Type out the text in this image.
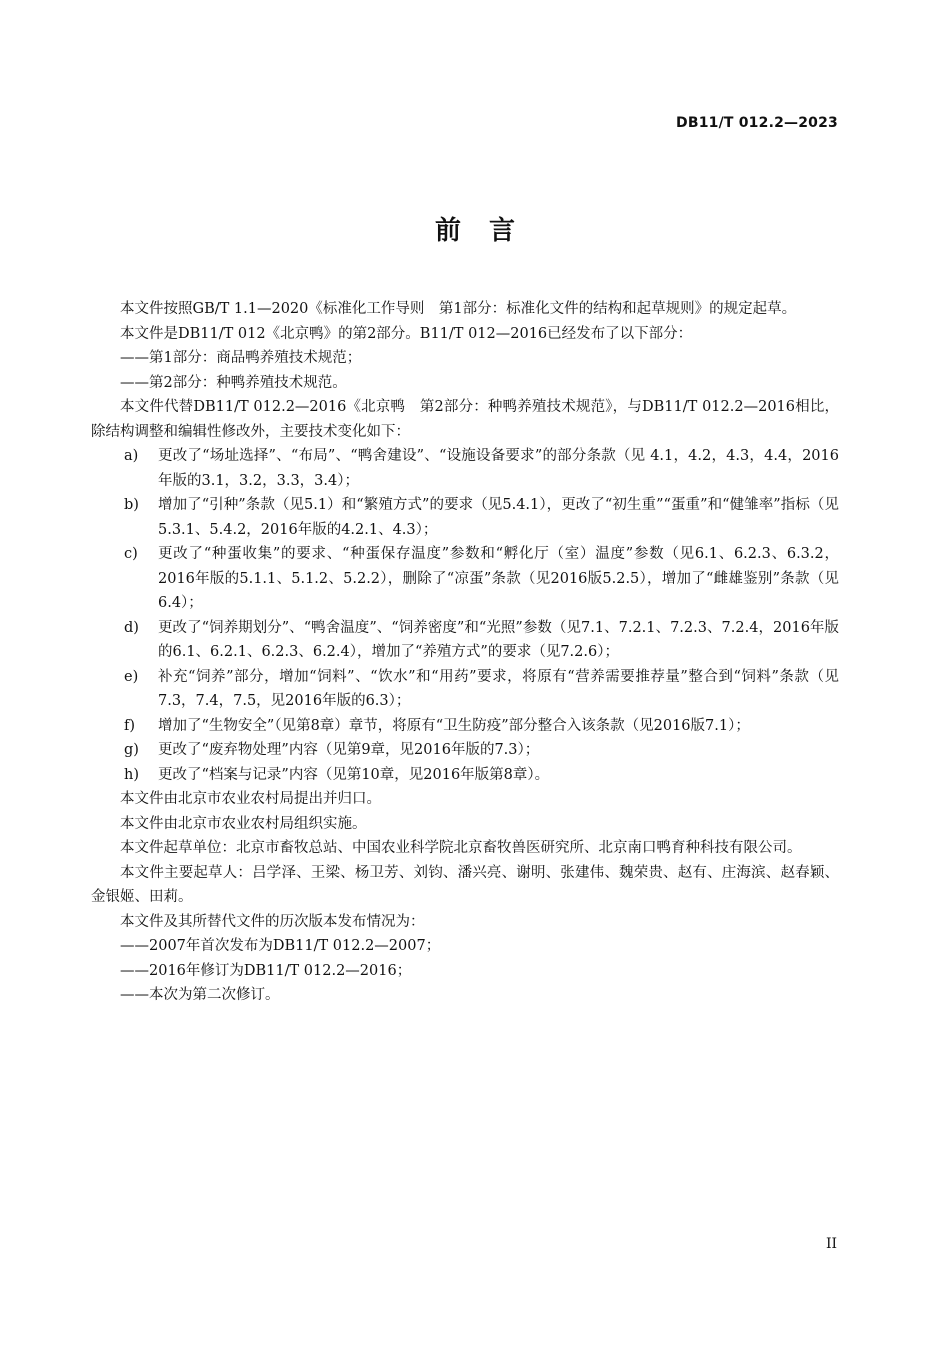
DB11/T 012.2—2023
前言

本文件按照GB/T 1.1—2020《标准化工作导则　第1部分：标准化文件的结构和起草规则》的规定起草。

本文件是DB11/T 012《北京鸭》的第2部分。B11/T 012—2016已经发布了以下部分：

——第1部分：商品鸭养殖技术规范；

——第2部分：种鸭养殖技术规范。

本文件代替DB11/T 012.2—2016《北京鸭　第2部分：种鸭养殖技术规范》，与DB11/T 012.2—2016相比，除结构调整和编辑性修改外，主要技术变化如下：

a) 更改了“场址选择”、“布局”、“鸭舍建设”、“设施设备要求”的部分条款（见 4.1，4.2，4.3，4.4，2016年版的3.1，3.2，3.3，3.4）；
b) 增加了“引种”条款（见5.1）和“繁殖方式”的要求（见5.4.1），更改了“初生重”“蛋重”和“健雏率”指标（见5.3.1、5.4.2，2016年版的4.2.1、4.3）；
c) 更改了“种蛋收集”的要求、“种蛋保存温度”参数和“孵化厅（室）温度”参数（见6.1、6.2.3、6.3.2，2016年版的5.1.1、5.1.2、5.2.2），删除了“凉蛋”条款（见2016版5.2.5），增加了“雌雄鉴别”条款（见6.4）；
d) 更改了“饲养期划分”、“鸭舍温度”、“饲养密度”和“光照”参数（见7.1、7.2.1、7.2.3、7.2.4，2016年版的6.1、6.2.1、6.2.3、6.2.4），增加了“养殖方式”的要求（见7.2.6）；
e) 补充“饲养”部分，增加“饲料”、“饮水”和“用药”要求，将原有“营养需要推荐量”整合到“饲料”条款（见7.3，7.4，7.5，见2016年版的6.3）；
f) 增加了“生物安全”（见第8章）章节，将原有“卫生防疫”部分整合入该条款（见2016版7.1）；
g) 更改了“废弃物处理”内容（见第9章，见2016年版的7.3）；
h) 更改了“档案与记录”内容（见第10章，见2016年版第8章）。

本文件由北京市农业农村局提出并归口。

本文件由北京市农业农村局组织实施。

本文件起草单位：北京市畜牧总站、中国农业科学院北京畜牧兽医研究所、北京南口鸭育种科技有限公司。

本文件主要起草人：吕学泽、王梁、杨卫芳、刘钧、潘兴亮、谢明、张建伟、魏荣贵、赵有、庄海滨、赵春颖、金银姬、田莉。

本文件及其所替代文件的历次版本发布情况为：

——2007年首次发布为DB11/T 012.2—2007；

——2016年修订为DB11/T 012.2—2016；

——本次为第二次修订。

II
